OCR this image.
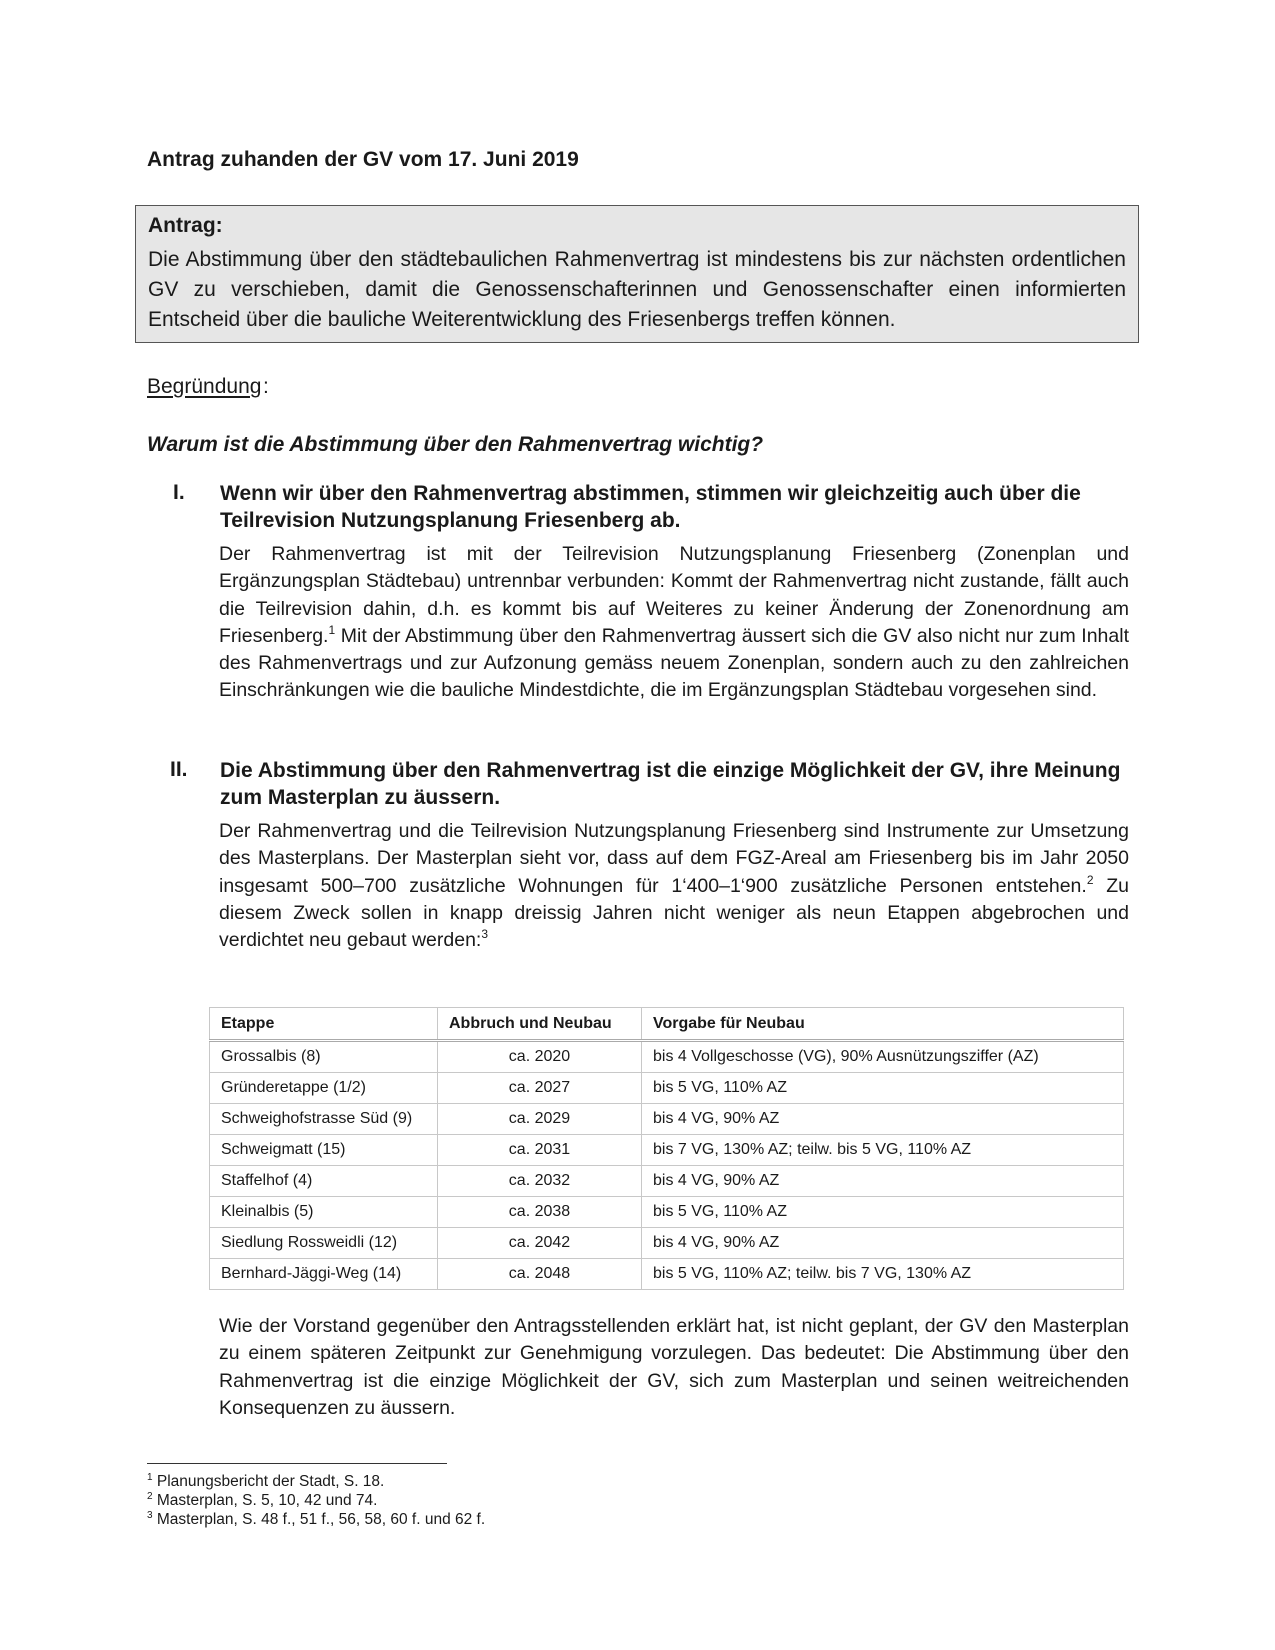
Antrag zuhanden der GV vom 17. Juni 2019
Antrag:
Die Abstimmung über den städtebaulichen Rahmenvertrag ist mindestens bis zur nächsten ordentlichen GV zu verschieben, damit die Genossenschafterinnen und Genossenschafter einen informierten Entscheid über die bauliche Weiterentwicklung des Friesenbergs treffen können.
Begründung :
Warum ist die Abstimmung über den Rahmenvertrag wichtig?
I. Wenn wir über den Rahmenvertrag abstimmen, stimmen wir gleichzeitig auch über die Teilrevision Nutzungsplanung Friesenberg ab.
Der Rahmenvertrag ist mit der Teilrevision Nutzungsplanung Friesenberg (Zonenplan und Ergänzungsplan Städtebau) untrennbar verbunden: Kommt der Rahmenvertrag nicht zustande, fällt auch die Teilrevision dahin, d.h. es kommt bis auf Weiteres zu keiner Änderung der Zonenordnung am Friesenberg.$^1$ Mit der Abstimmung über den Rahmenvertrag äussert sich die GV also nicht nur zum Inhalt des Rahmenvertrags und zur Aufzonung gemäss neuem Zonenplan, sondern auch zu den zahlreichen Einschränkungen wie die bauliche Mindestdichte, die im Ergänzungsplan Städtebau vorgesehen sind.
II. Die Abstimmung über den Rahmenvertrag ist die einzige Möglichkeit der GV, ihre Meinung zum Masterplan zu äussern.
Der Rahmenvertrag und die Teilrevision Nutzungsplanung Friesenberg sind Instrumente zur Umsetzung des Masterplans. Der Masterplan sieht vor, dass auf dem FGZ-Areal am Friesenberg bis im Jahr 2050 insgesamt 500–700 zusätzliche Wohnungen für 1‘400–1‘900 zusätzliche Personen entstehen.$^2$ Zu diesem Zweck sollen in knapp dreissig Jahren nicht weniger als neun Etappen abgebrochen und verdichtet neu gebaut werden:$^3$
Etappe	Abbruch und Neubau	Vorgabe für Neubau
Grossalbis (8)	ca. 2020	bis 4 Vollgeschosse (VG), 90% Ausnützungsziffer (AZ)
Gründeretappe (1/2)	ca. 2027	bis 5 VG, 110% AZ
Schweighofstrasse Süd (9)	ca. 2029	bis 4 VG, 90% AZ
Schweigmatt (15)	ca. 2031	bis 7 VG, 130% AZ; teilw. bis 5 VG, 110% AZ
Staffelhof (4)	ca. 2032	bis 4 VG, 90% AZ
Kleinalbis (5)	ca. 2038	bis 5 VG, 110% AZ
Siedlung Rossweidli (12)	ca. 2042	bis 4 VG, 90% AZ
Bernhard-Jäggi-Weg (14)	ca. 2048	bis 5 VG, 110% AZ; teilw. bis 7 VG, 130% AZ
Wie der Vorstand gegenüber den Antragsstellenden erklärt hat, ist nicht geplant, der GV den Masterplan zu einem späteren Zeitpunkt zur Genehmigung vorzulegen. Das bedeutet: Die Abstimmung über den Rahmenvertrag ist die einzige Möglichkeit der GV, sich zum Masterplan und seinen weitreichenden Konsequenzen zu äussern.
$^1$ Planungsbericht der Stadt, S. 18.
$^2$ Masterplan, S. 5, 10, 42 und 74.
$^3$ Masterplan, S. 48 f., 51 f., 56, 58, 60 f. und 62 f.
